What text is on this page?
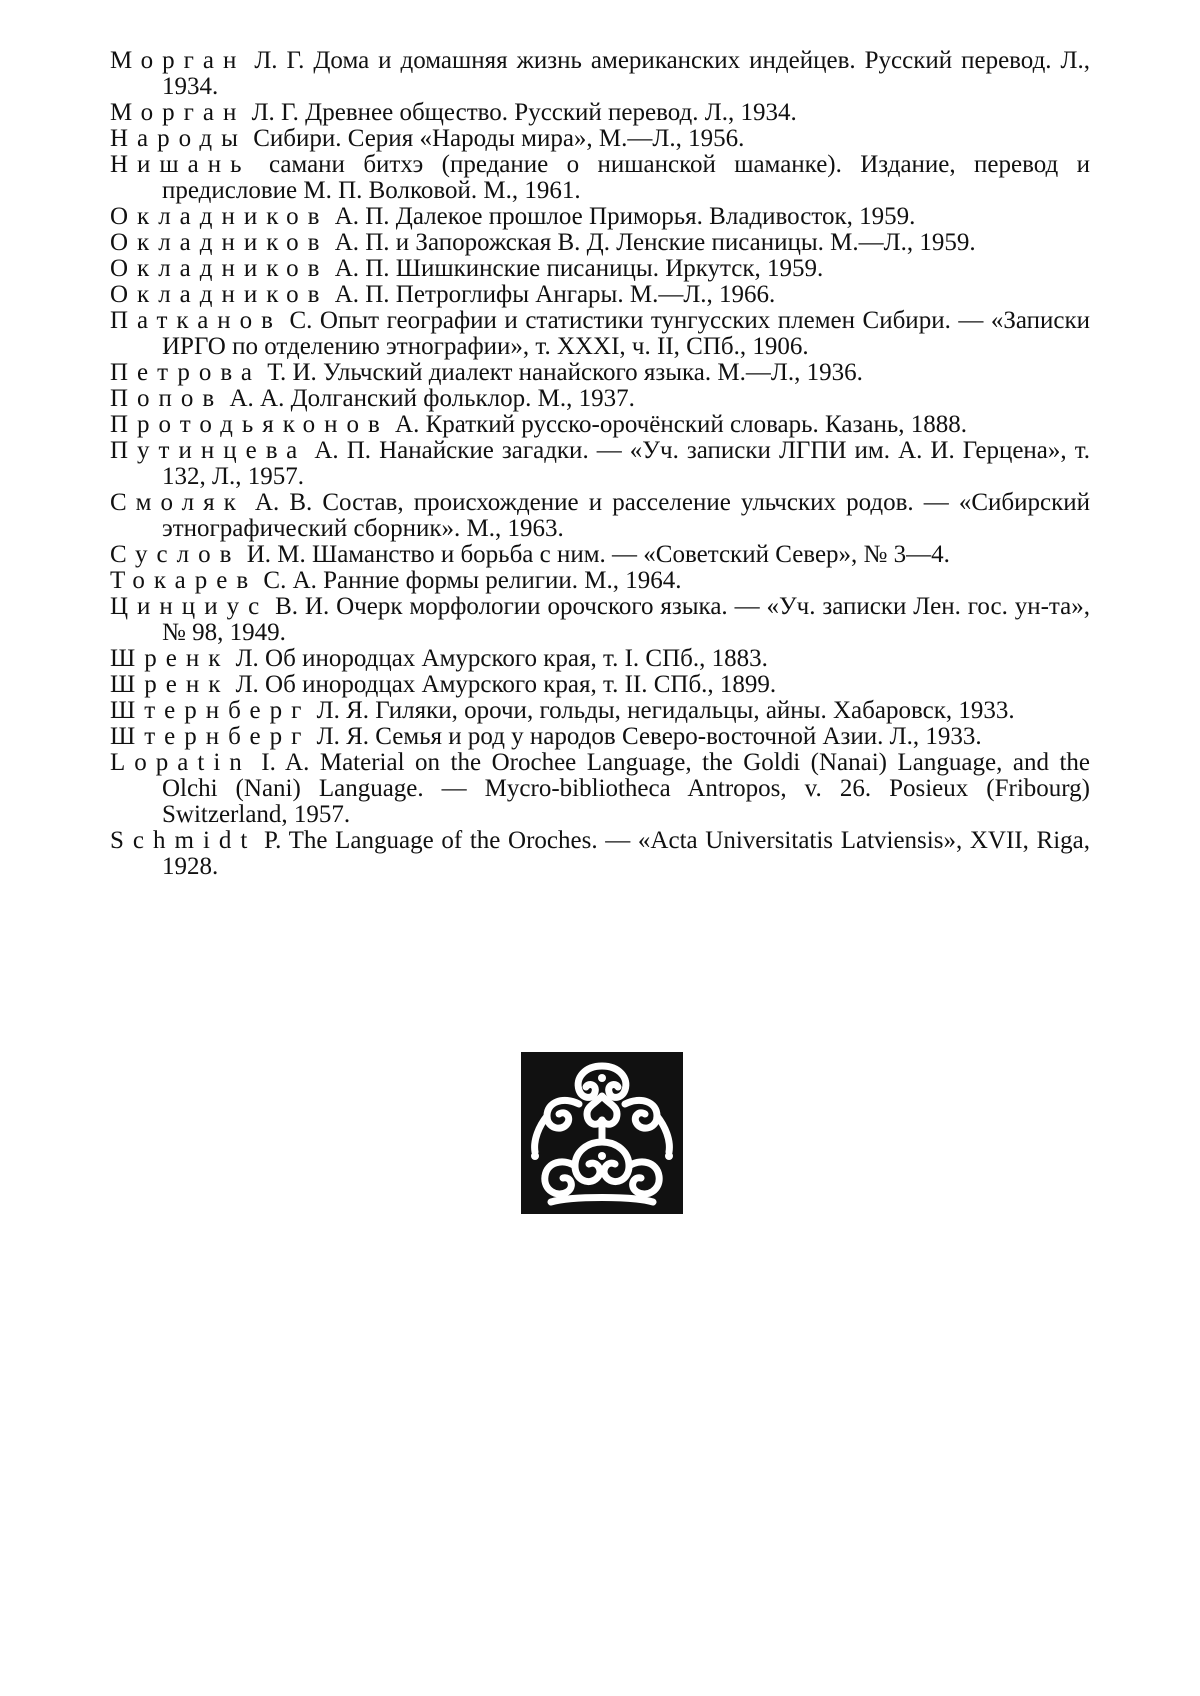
Морган Л. Г. Дома и домашняя жизнь американских индейцев. Русский перевод. Л., 1934.
Морган Л. Г. Древнее общество. Русский перевод. Л., 1934.
Народы Сибири. Серия «Народы мира», М.—Л., 1956.
Нишань самани битхэ (предание о нишанской шаманке). Издание, перевод и предисловие М. П. Волковой. М., 1961.
Окладников А. П. Далекое прошлое Приморья. Владивосток, 1959.
Окладников А. П. и Запорожская В. Д. Ленские писаницы. М.—Л., 1959.
Окладников А. П. Шишкинские писаницы. Иркутск, 1959.
Окладников А. П. Петроглифы Ангары. М.—Л., 1966.
Патканов С. Опыт географии и статистики тунгусских племен Сибири. — «Записки ИРГО по отделению этнографии», т. XXXI, ч. II, СПб., 1906.
Петрова Т. И. Ульчский диалект нанайского языка. М.—Л., 1936.
Попов А. А. Долганский фольклор. М., 1937.
Протодьяконов А. Краткий русско-орочёнский словарь. Казань, 1888.
Путинцева А. П. Нанайские загадки. — «Уч. записки ЛГПИ им. А. И. Герцена», т. 132, Л., 1957.
Смоляк А. В. Состав, происхождение и расселение ульчских родов. — «Сибирский этнографический сборник». М., 1963.
Суслов И. М. Шаманство и борьба с ним. — «Советский Север», № 3—4.
Токарев С. А. Ранние формы религии. М., 1964.
Цинциус В. И. Очерк морфологии орочского языка. — «Уч. записки Лен. гос. ун-та», № 98, 1949.
Шренк Л. Об инородцах Амурского края, т. I. СПб., 1883.
Шренк Л. Об инородцах Амурского края, т. II. СПб., 1899.
Штернберг Л. Я. Гиляки, орочи, гольды, негидальцы, айны. Хабаровск, 1933.
Штернберг Л. Я. Семья и род у народов Северо-восточной Азии. Л., 1933.
Lopatin I. A. Material on the Orochee Language, the Goldi (Nanai) Language, and the Olchi (Nani) Language. — Mycro-bibliotheca Antropos, v. 26. Posieux (Fribourg) Switzerland, 1957.
Schmidt P. The Language of the Oroches. — «Acta Universitatis Latviensis», XVII, Riga, 1928.
